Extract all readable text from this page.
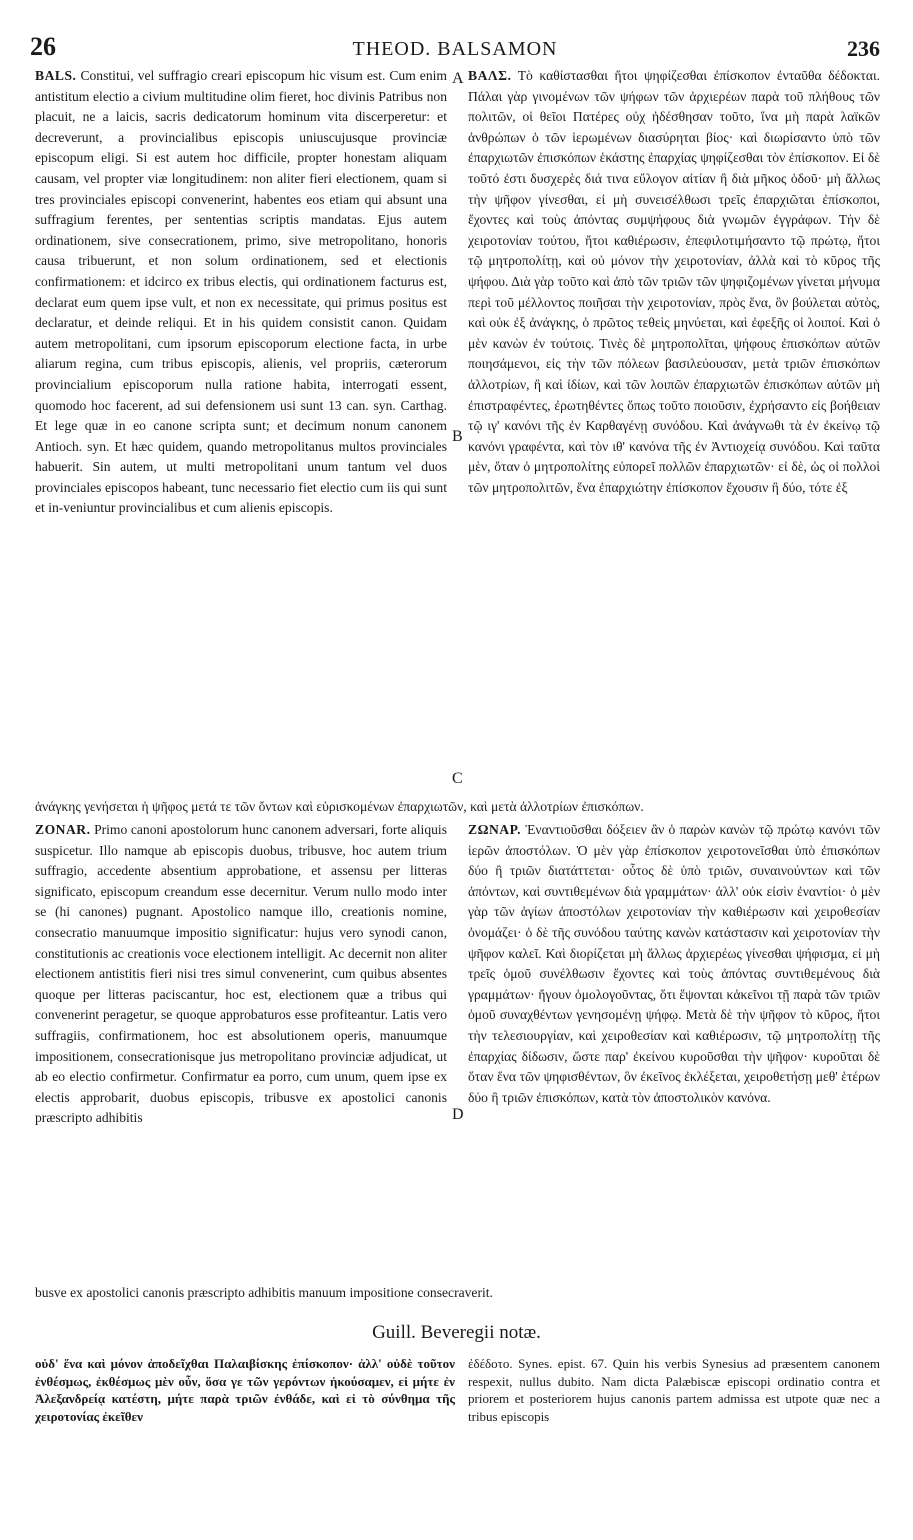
26	THEOD. BALSAMON	236
A
B
C
D

BALS. Constitui, vel suffragio creari episcopum hic visum est. Cum enim antistitum electio a civium multitudine olim fieret, hoc divinis Patribus non placuit, ne a laicis, sacris dedicatorum hominum vita discerperetur: et decreverunt, a provincialibus episcopis uniuscujusque provinciæ episcopum eligi. Si est autem hoc difficile, propter honestam aliquam causam, vel propter viæ longitudinem: non aliter fieri electionem, quam si tres provinciales episcopi convenerint, habentes eos etiam qui absunt una suffragium ferentes, per sententias scriptis mandatas. Ejus autem ordinationem, sive consecrationem, primo, sive metropolitano, honoris causa tribuerunt, et non solum ordinationem, sed et electionis confirmationem: et idcirco ex tribus electis, qui ordinationem facturus est, declarat eum quem ipse vult, et non ex necessitate, qui primus positus est declaratur, et deinde reliqui. Et in his quidem consistit canon. Quidam autem metropolitani, cum ipsorum episcoporum electione facta, in urbe aliarum regina, cum tribus episcopis, alienis, vel propriis, cæterorum provincialium episcoporum nulla ratione habita, interrogati essent, quomodo hoc facerent, ad sui defensionem usi sunt 13 can. syn. Carthag. Et lege quæ in eo canone scripta sunt; et decimum nonum canonem Antioch. syn. Et hæc quidem, quando metropolitanus multos provinciales habuerit. Sin autem, ut multi metropolitani unum tantum vel duos provinciales episcopos habeant, tunc necessario fiet electio cum iis qui sunt et in-veniuntur provincialibus et cum alienis episcopis.

ΒΑΛΣ. Τὸ καθίστασθαι ἤτοι ψηφίζεσθαι ἐπίσκοπον ἐνταῦθα δέδοκται. Πάλαι γὰρ γινομένων τῶν ψήφων τῶν ἀρχιερέων παρὰ τοῦ πλήθους τῶν πολιτῶν, οἱ θεῖοι Πατέρες οὐχ ἠδέσθησαν τοῦτο, ἵνα μὴ παρὰ λαϊκῶν ἀνθρώπων ὁ τῶν ἱερωμένων διασύρηται βίος· καὶ διωρίσαντο ὑπὸ τῶν ἐπαρχιωτῶν ἐπισκόπων ἑκάστης ἐπαρχίας ψηφίζεσθαι τὸν ἐπίσκοπον. Εἰ δὲ τοῦτό ἐστι δυσχερὲς διά τινα εὔλογον αἰτίαν ἢ διὰ μῆκος ὁδοῦ· μὴ ἄλλως τὴν ψῆφον γίνεσθαι, εἰ μὴ συνεισέλθωσι τρεῖς ἐπαρχιῶται ἐπίσκοποι, ἔχοντες καὶ τοὺς ἀπόντας συμψήφους διὰ γνωμῶν ἐγγράφων. Τὴν δὲ χειροτονίαν τούτου, ἤτοι καθιέρωσιν, ἐπεφιλοτιμήσαντο τῷ πρώτῳ, ἤτοι τῷ μητροπολίτῃ, καὶ οὐ μόνον τὴν χειροτονίαν, ἀλλὰ καὶ τὸ κῦρος τῆς ψήφου. Διὰ γὰρ τοῦτο καὶ ἀπὸ τῶν τριῶν τῶν ψηφιζομένων γίνεται μήνυμα περὶ τοῦ μέλλοντος ποιῆσαι τὴν χειροτονίαν, πρὸς ἕνα, ὃν βούλεται αὐτὸς, καὶ οὐκ ἐξ ἀνάγκης, ὁ πρῶτος τεθεὶς μηνύεται, καὶ ἐφεξῆς οἱ λοιποί. Καὶ ὁ μὲν κανὼν ἐν τούτοις. Τινὲς δὲ μητροπολῖται, ψήφους ἐπισκόπων αὐτῶν ποιησάμενοι, εἰς τὴν τῶν πόλεων βασιλεύουσαν, μετὰ τριῶν ἐπισκόπων ἀλλοτρίων, ἢ καὶ ἰδίων, καὶ τῶν λοιπῶν ἐπαρχιωτῶν ἐπισκόπων αὐτῶν μὴ ἐπιστραφέντες, ἐρωτηθέντες ὅπως τοῦτο ποιοῦσιν, ἐχρήσαντο εἰς βοήθειαν τῷ ιγ' κανόνι τῆς ἐν Καρθαγένῃ συνόδου. Καὶ ἀνάγνωθι τὰ ἐν ἐκείνῳ τῷ κανόνι γραφέντα, καὶ τὸν ιθ' κανόνα τῆς ἐν Ἀντιοχείᾳ συνόδου. Καὶ ταῦτα μὲν, ὅταν ὁ μητροπολίτης εὐπορεῖ πολλῶν ἐπαρχιωτῶν· εἰ δὲ, ὡς οἱ πολλοὶ τῶν μητροπολιτῶν, ἕνα ἐπαρχιώτην ἐπίσκοπον ἔχουσιν ἢ δύο, τότε ἐξ

ἀνάγκης γενήσεται ἡ ψῆφος μετά τε τῶν ὄντων καὶ εὑρισκομένων ἐπαρχιωτῶν, καὶ μετὰ ἀλλοτρίων ἐπισκόπων.

ZONAR. Primo canoni apostolorum hunc canonem adversari, forte aliquis suspicetur. Illo namque ab episcopis duobus, tribusve, hoc autem trium suffragio, accedente absentium approbatione, et assensu per litteras significato, episcopum creandum esse decernitur. Verum nullo modo inter se (hi canones) pugnant. Apostolico namque illo, creationis nomine, consecratio manuumque impositio significatur: hujus vero synodi canon, constitutionis ac creationis voce electionem intelligit. Ac decernit non aliter electionem antistitis fieri nisi tres simul convenerint, cum quibus absentes quoque per litteras paciscantur, hoc est, electionem quæ a tribus qui convenerint peragetur, se quoque approbaturos esse profiteantur. Latis vero suffragiis, confirmationem, hoc est absolutionem operis, manuumque impositionem, consecrationisque jus metropolitano provinciæ adjudicat, ut ab eo electio confirmetur. Confirmatur ea porro, cum unum, quem ipse ex electis approbarit, duobus episcopis, tribusve ex apostolici canonis præscripto adhibitis

ΖΩΝΑΡ. Ἐναντιοῦσθαι δόξειεν ἂν ὁ παρὼν κανὼν τῷ πρώτῳ κανόνι τῶν ἱερῶν ἀποστόλων. Ὁ μὲν γὰρ ἐπίσκοπον χειροτονεῖσθαι ὑπὸ ἐπισκόπων δύο ἢ τριῶν διατάττεται· οὗτος δὲ ὑπὸ τριῶν, συναινούντων καὶ τῶν ἀπόντων, καὶ συντιθεμένων διὰ γραμμάτων· ἀλλ' οὐκ εἰσὶν ἐναντίοι· ὁ μὲν γὰρ τῶν ἁγίων ἀποστόλων χειροτονίαν τὴν καθιέρωσιν καὶ χειροθεσίαν ὀνομάζει· ὁ δὲ τῆς συνόδου ταύτης κανὼν κατάστασιν καὶ χειροτονίαν τὴν ψῆφον καλεῖ. Καὶ διορίζεται μὴ ἄλλως ἀρχιερέως γίνεσθαι ψήφισμα, εἰ μὴ τρεῖς ὁμοῦ συνέλθωσιν ἔχοντες καὶ τοὺς ἀπόντας συντιθεμένους διὰ γραμμάτων· ἤγουν ὁμολογοῦντας, ὅτι ἕψονται κἀκεῖνοι τῇ παρὰ τῶν τριῶν ὁμοῦ συναχθέντων γενησομένῃ ψήφῳ. Μετὰ δὲ τὴν ψῆφον τὸ κῦρος, ἤτοι τὴν τελεσιουργίαν, καὶ χειροθεσίαν καὶ καθιέρωσιν, τῷ μητροπολίτῃ τῆς ἐπαρχίας δίδωσιν, ὥστε παρ' ἐκείνου κυροῦσθαι τὴν ψῆφον· κυροῦται δὲ ὅταν ἕνα τῶν ψηφισθέντων, ὃν ἐκεῖνος ἐκλέξεται, χειροθετήσῃ μεθ' ἑτέρων δύο ἢ τριῶν ἐπισκόπων, κατὰ τὸν ἀποστολικὸν κανόνα.

busve ex apostolici canonis præscripto adhibitis manuum impositione consecraverit.
Guill. Beveregii notæ.
οὐδ' ἕνα καὶ μόνον ἀποδεῖχθαι Παλαιβίσκης ἐπίσκοπον· ἀλλ' οὐδὲ τοῦτον ἐνθέσμως, ἐκθέσμως μὲν οὖν, ὅσα γε τῶν γερόντων ἠκούσαμεν, εἰ μήτε ἐν Ἀλεξανδρείᾳ κατέστη, μήτε παρὰ τριῶν ἐνθάδε, καὶ εἰ τὸ σύνθημα τῆς χειροτονίας ἐκεῖθεν
ἐδέδοτο. Synes. epist. 67. Quin his verbis Synesius ad præsentem canonem respexit, nullus dubito. Nam dicta Palæbiscæ episcopi ordinatio contra et priorem et posteriorem hujus canonis partem admissa est utpote quæ nec a tribus episcopis
